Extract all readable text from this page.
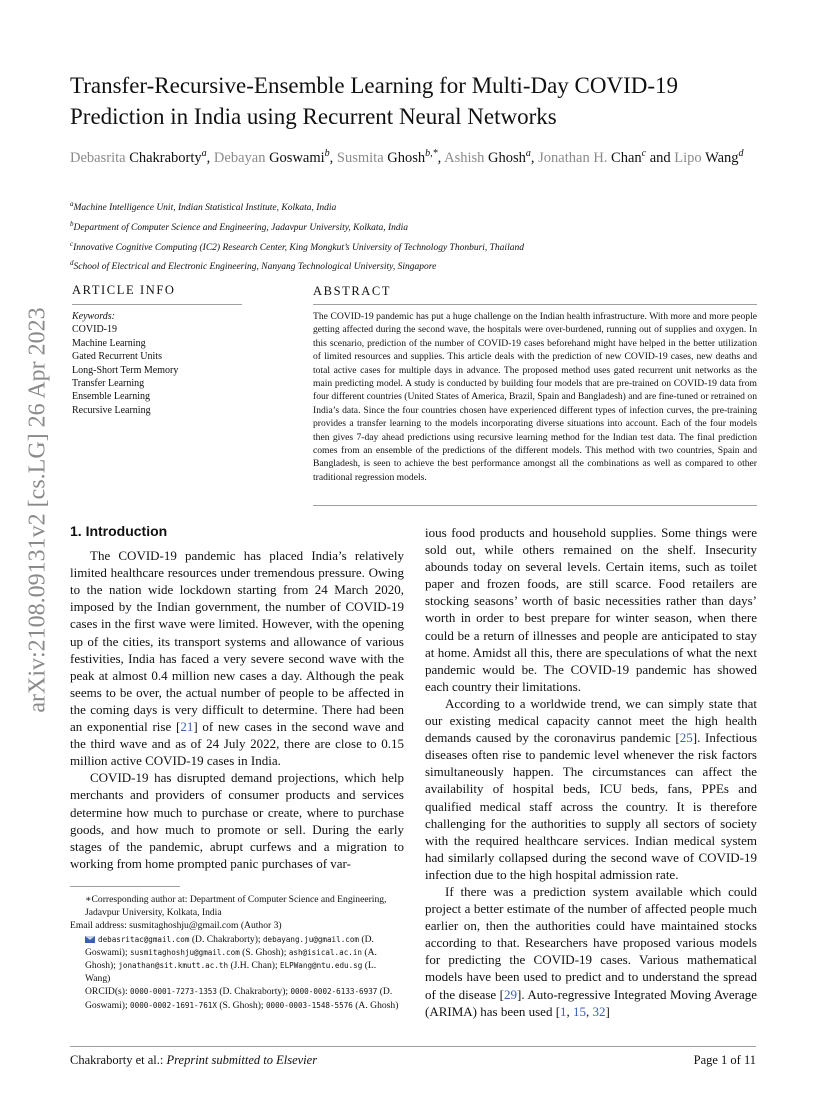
arXiv:2108.09131v2 [cs.LG] 26 Apr 2023
Transfer-Recursive-Ensemble Learning for Multi-Day COVID-19 Prediction in India using Recurrent Neural Networks
Debasrita Chakraborty$^a$, Debayan Goswami$^b$, Susmita Ghosh$^{b,*}$, Ashish Ghosh$^a$, Jonathan H. Chan$^c$ and Lipo Wang$^d$
$^a$Machine Intelligence Unit, Indian Statistical Institute, Kolkata, India
$^b$Department of Computer Science and Engineering, Jadavpur University, Kolkata, India
$^c$Innovative Cognitive Computing (IC2) Research Center, King Mongkut’s University of Technology Thonburi, Thailand
$^d$School of Electrical and Electronic Engineering, Nanyang Technological University, Singapore
ARTICLE INFO
Keywords:
COVID-19
Machine Learning
Gated Recurrent Units
Long-Short Term Memory
Transfer Learning
Ensemble Learning
Recursive Learning
ABSTRACT
The COVID-19 pandemic has put a huge challenge on the Indian health infrastructure. With more and more people getting affected during the second wave, the hospitals were over-burdened, running out of supplies and oxygen. In this scenario, prediction of the number of COVID-19 cases beforehand might have helped in the better utilization of limited resources and supplies. This article deals with the prediction of new COVID-19 cases, new deaths and total active cases for multiple days in advance. The proposed method uses gated recurrent unit networks as the main predicting model. A study is conducted by building four models that are pre-trained on COVID-19 data from four different countries (United States of America, Brazil, Spain and Bangladesh) and are fine-tuned or retrained on India’s data. Since the four countries chosen have experienced different types of infection curves, the pre-training provides a transfer learning to the models incorporating diverse situations into account. Each of the four models then gives 7-day ahead predictions using recursive learning method for the Indian test data. The final prediction comes from an ensemble of the predictions of the different models. This method with two countries, Spain and Bangladesh, is seen to achieve the best performance amongst all the combinations as well as compared to other traditional regression models.
1. Introduction

The COVID-19 pandemic has placed India’s relatively limited healthcare resources under tremendous pressure. Owing to the nation wide lockdown starting from 24 March 2020, imposed by the Indian government, the number of COVID-19 cases in the first wave were limited. However, with the opening up of the cities, its transport systems and allowance of various festivities, India has faced a very severe second wave with the peak at almost 0.4 million new cases a day. Although the peak seems to be over, the actual number of people to be affected in the coming days is very difficult to determine. There had been an exponential rise [21] of new cases in the second wave and the third wave and as of 24 July 2022, there are close to 0.15 million active COVID-19 cases in India.

COVID-19 has disrupted demand projections, which help merchants and providers of consumer products and services determine how much to purchase or create, where to purchase goods, and how much to promote or sell. During the early stages of the pandemic, abrupt curfews and a migration to working from home prompted panic purchases of var-

∗Corresponding author at: Department of Computer Science and Engineering, Jadavpur University, Kolkata, India
Email address: susmitaghoshju@gmail.com (Author 3)
debasritac@gmail.com (D. Chakraborty); debayang.ju@gmail.com (D. Goswami); susmitaghoshju@gmail.com (S. Ghosh); ash@isical.ac.in (A. Ghosh); jonathan@sit.kmutt.ac.th (J.H. Chan); ELPWang@ntu.edu.sg (L. Wang)
ORCID(s): 0000-0001-7273-1353 (D. Chakraborty); 0000-0002-6133-6937 (D. Goswami); 0000-0002-1691-761X (S. Ghosh); 0000-0003-1548-5576 (A. Ghosh)

ious food products and household supplies. Some things were sold out, while others remained on the shelf. Insecurity abounds today on several levels. Certain items, such as toilet paper and frozen foods, are still scarce. Food retailers are stocking seasons’ worth of basic necessities rather than days’ worth in order to best prepare for winter season, when there could be a return of illnesses and people are anticipated to stay at home. Amidst all this, there are speculations of what the next pandemic would be. The COVID-19 pandemic has showed each country their limitations.

According to a worldwide trend, we can simply state that our existing medical capacity cannot meet the high health demands caused by the coronavirus pandemic [25]. Infectious diseases often rise to pandemic level whenever the risk factors simultaneously happen. The circumstances can affect the availability of hospital beds, ICU beds, fans, PPEs and qualified medical staff across the country. It is therefore challenging for the authorities to supply all sectors of society with the required healthcare services. Indian medical system had similarly collapsed during the second wave of COVID-19 infection due to the high hospital admission rate.

If there was a prediction system available which could project a better estimate of the number of affected people much earlier on, then the authorities could have maintained stocks according to that. Researchers have proposed various models for predicting the COVID-19 cases. Various mathematical models have been used to predict and to understand the spread of the disease [29]. Auto-regressive Integrated Moving Average (ARIMA) has been used [1, 15, 32]

Chakraborty et al.: Preprint submitted to Elsevier	Page 1 of 11
